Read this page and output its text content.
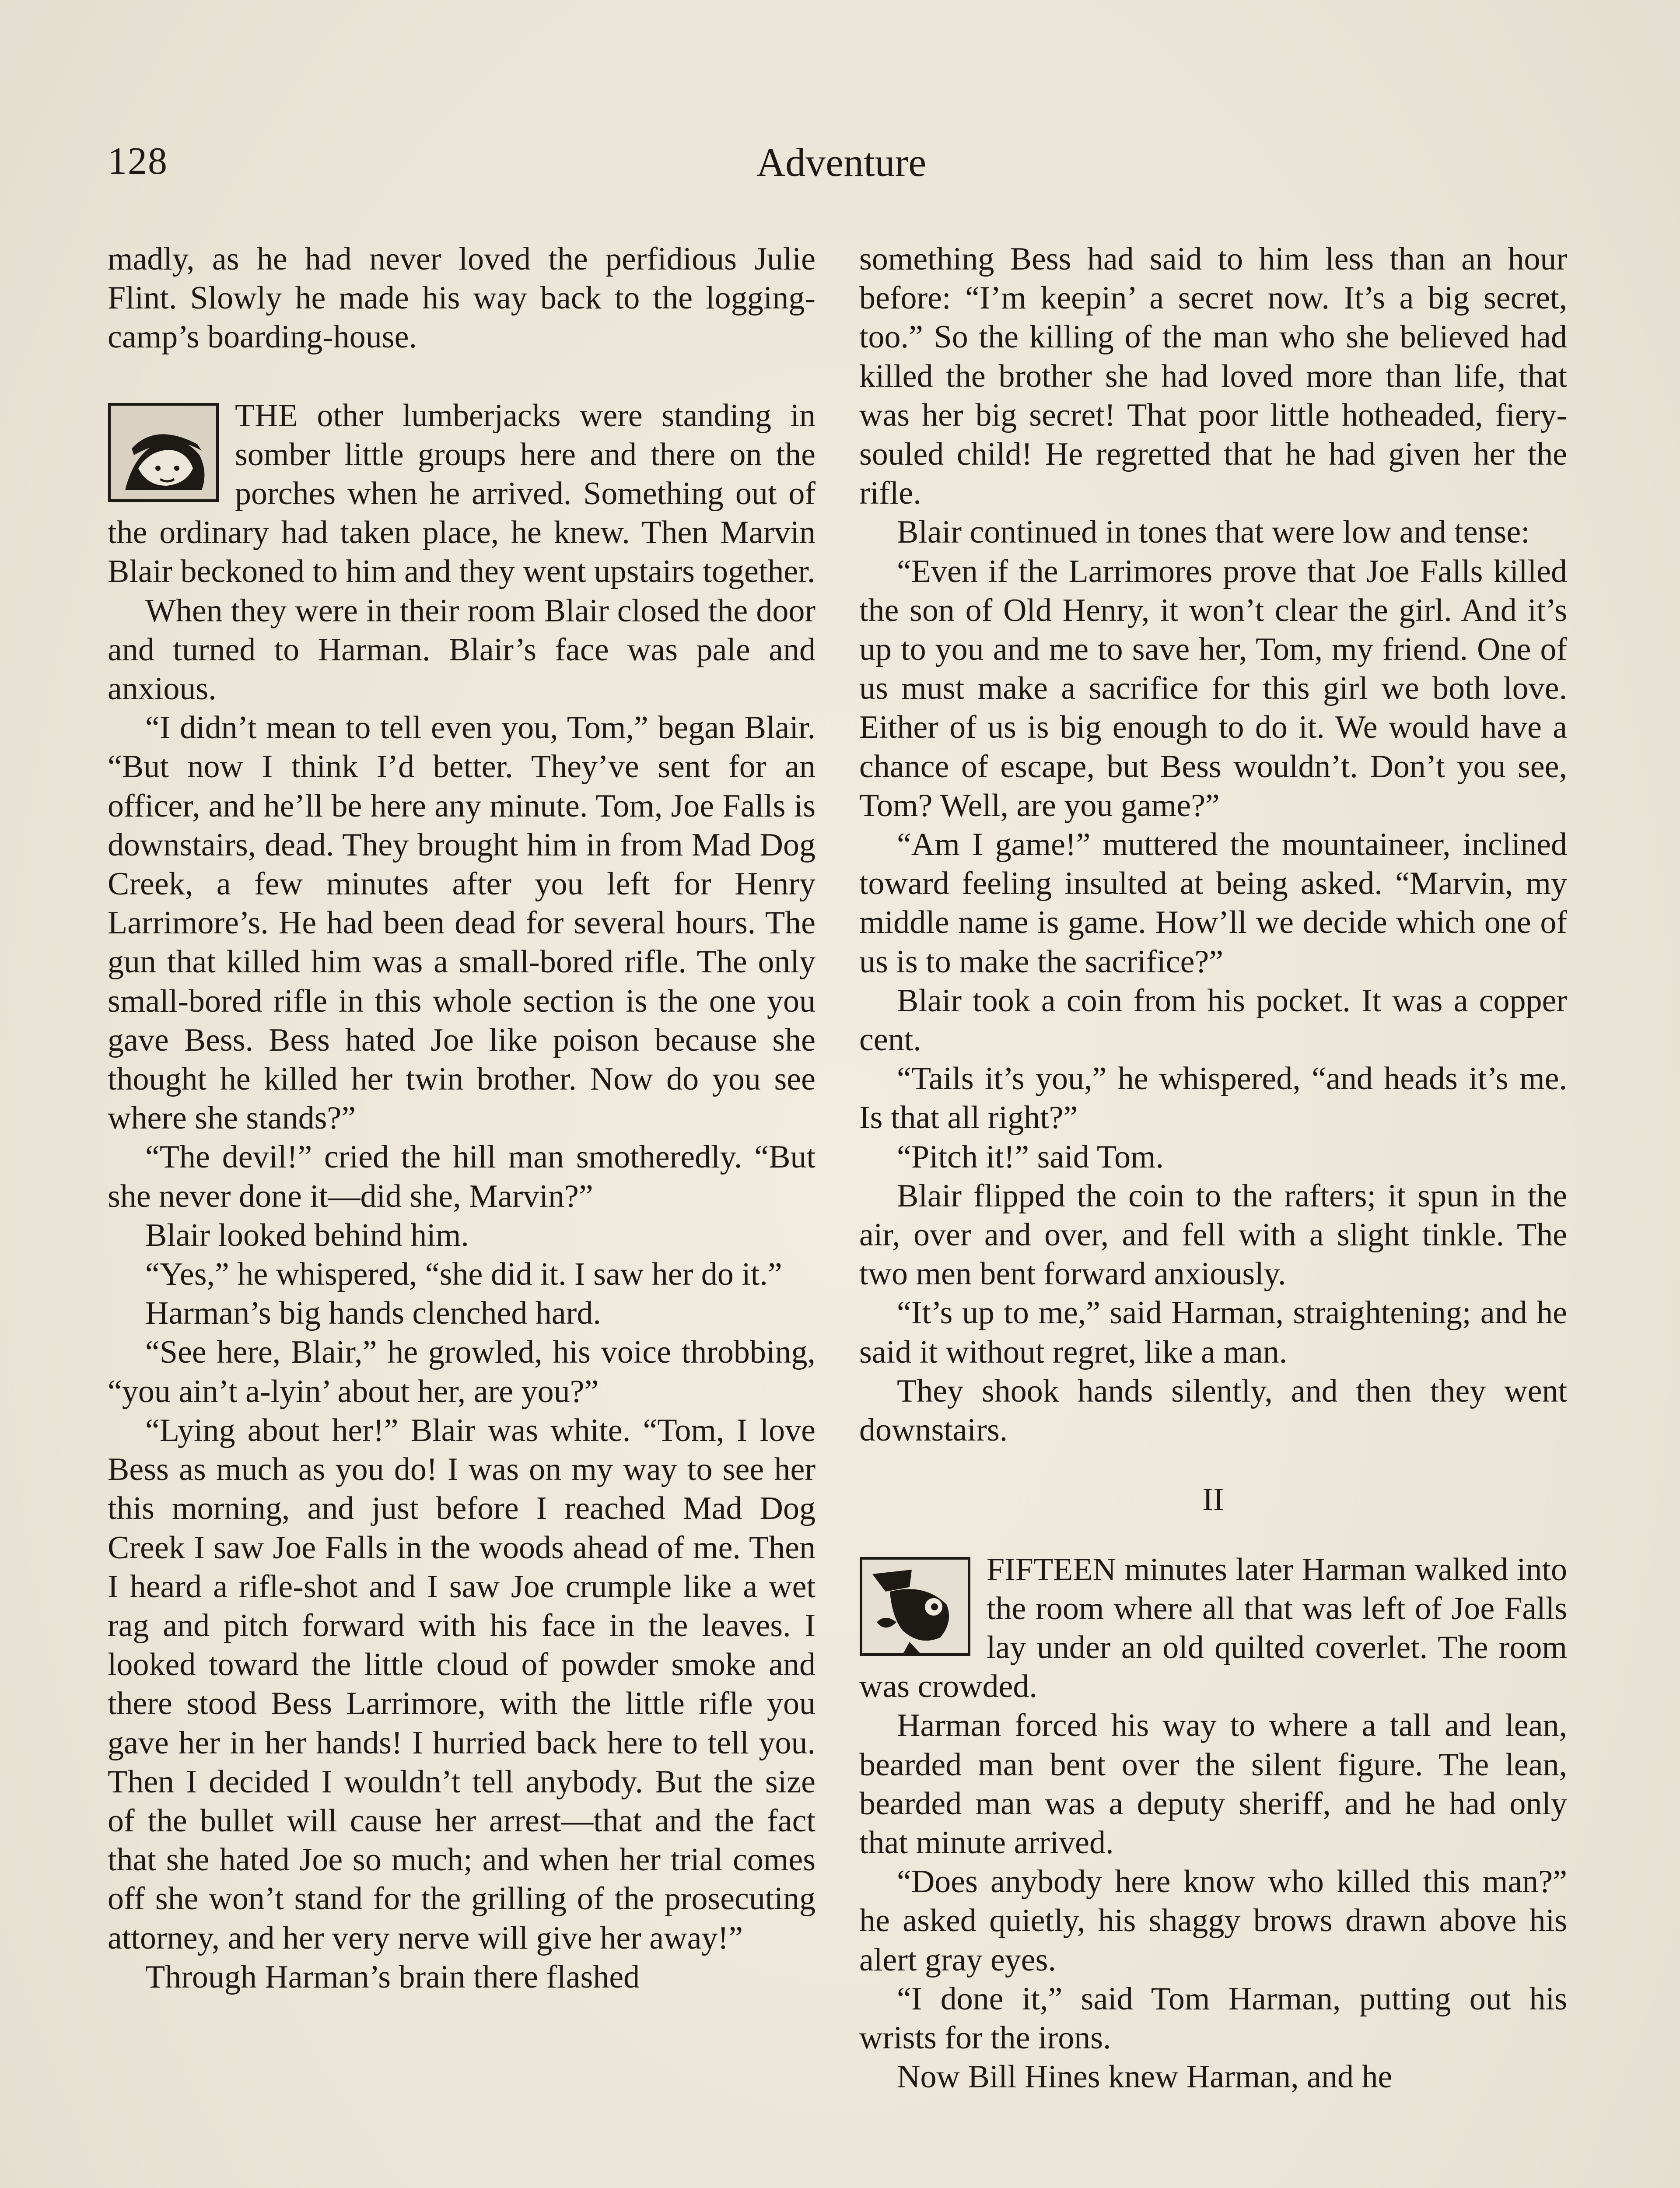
128	Adventure

madly, as he had never loved the perfidious Julie Flint. Slowly he made his way back to the logging-camp’s boarding-house.

THE other lumberjacks were standing in somber little groups here and there on the porches when he arrived. Something out of the ordinary had taken place, he knew. Then Marvin Blair beckoned to him and they went upstairs together.

When they were in their room Blair closed the door and turned to Harman. Blair’s face was pale and anxious.

“I didn’t mean to tell even you, Tom,” began Blair. “But now I think I’d better. They’ve sent for an officer, and he’ll be here any minute. Tom, Joe Falls is downstairs, dead. They brought him in from Mad Dog Creek, a few minutes after you left for Henry Larrimore’s. He had been dead for several hours. The gun that killed him was a small-bored rifle. The only small-bored rifle in this whole section is the one you gave Bess. Bess hated Joe like poison because she thought he killed her twin brother. Now do you see where she stands?”

“The devil!” cried the hill man smotheredly. “But she never done it—did she, Marvin?”

Blair looked behind him.

“Yes,” he whispered, “she did it. I saw her do it.”

Harman’s big hands clenched hard.

“See here, Blair,” he growled, his voice throbbing, “you ain’t a-lyin’ about her, are you?”

“Lying about her!” Blair was white. “Tom, I love Bess as much as you do! I was on my way to see her this morning, and just before I reached Mad Dog Creek I saw Joe Falls in the woods ahead of me. Then I heard a rifle-shot and I saw Joe crumple like a wet rag and pitch forward with his face in the leaves. I looked toward the little cloud of powder smoke and there stood Bess Larrimore, with the little rifle you gave her in her hands! I hurried back here to tell you. Then I decided I wouldn’t tell anybody. But the size of the bullet will cause her arrest—that and the fact that she hated Joe so much; and when her trial comes off she won’t stand for the grilling of the prosecuting attorney, and her very nerve will give her away!”

Through Harman’s brain there flashed

something Bess had said to him less than an hour before: “I’m keepin’ a secret now. It’s a big secret, too.” So the killing of the man who she believed had killed the brother she had loved more than life, that was her big secret! That poor little hotheaded, fiery-souled child! He regretted that he had given her the rifle.

Blair continued in tones that were low and tense:

“Even if the Larrimores prove that Joe Falls killed the son of Old Henry, it won’t clear the girl. And it’s up to you and me to save her, Tom, my friend. One of us must make a sacrifice for this girl we both love. Either of us is big enough to do it. We would have a chance of escape, but Bess wouldn’t. Don’t you see, Tom? Well, are you game?”

“Am I game!” muttered the mountaineer, inclined toward feeling insulted at being asked. “Marvin, my middle name is game. How’ll we decide which one of us is to make the sacrifice?”

Blair took a coin from his pocket. It was a copper cent.

“Tails it’s you,” he whispered, “and heads it’s me. Is that all right?”

“Pitch it!” said Tom.

Blair flipped the coin to the rafters; it spun in the air, over and over, and fell with a slight tinkle. The two men bent forward anxiously.

“It’s up to me,” said Harman, straightening; and he said it without regret, like a man.

They shook hands silently, and then they went downstairs.

II

FIFTEEN minutes later Harman walked into the room where all that was left of Joe Falls lay under an old quilted coverlet. The room was crowded.

Harman forced his way to where a tall and lean, bearded man bent over the silent figure. The lean, bearded man was a deputy sheriff, and he had only that minute arrived.

“Does anybody here know who killed this man?” he asked quietly, his shaggy brows drawn above his alert gray eyes.

“I done it,” said Tom Harman, putting out his wrists for the irons.

Now Bill Hines knew Harman, and he
